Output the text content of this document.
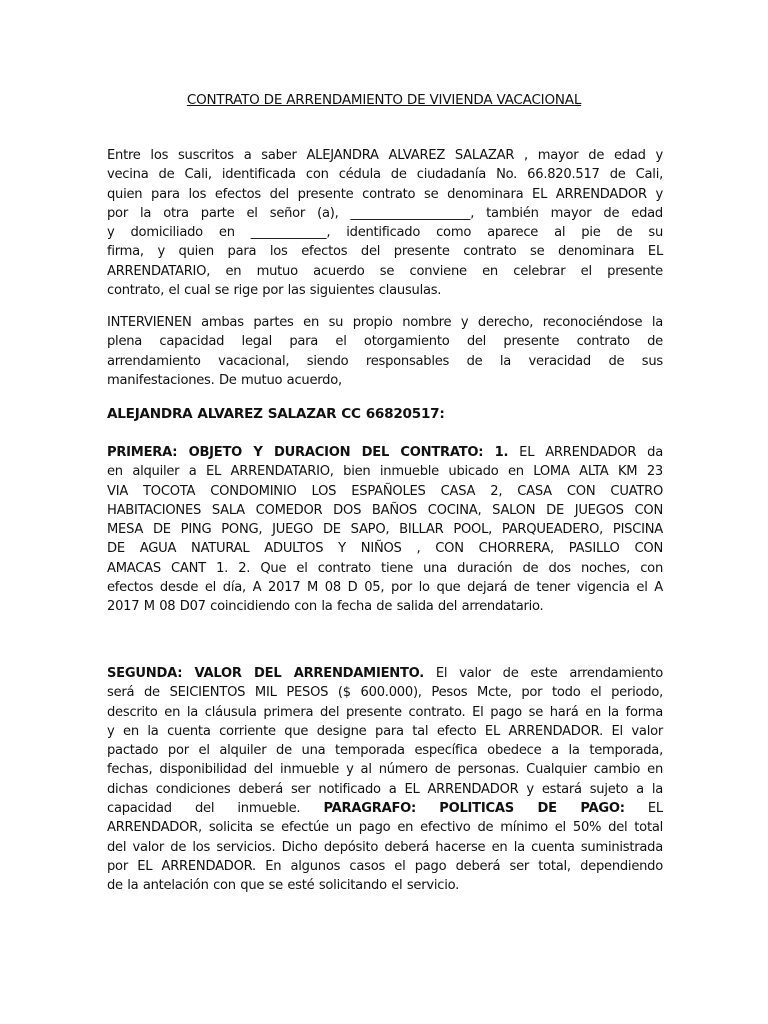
CONTRATO DE ARRENDAMIENTO DE VIVIENDA VACACIONAL
Entre los suscritos a saber ALEJANDRA ALVAREZ SALAZAR , mayor de edad y
vecina de Cali, identificada con cédula de ciudadanía No. 66.820.517 de Cali,
quien para los efectos del presente contrato se denominara EL ARRENDADOR y
por la otra parte el señor (a), ___________________, también mayor de edad
y domiciliado en ____________, identificado como aparece al pie de su
firma, y quien para los efectos del presente contrato se denominara EL
ARRENDATARIO, en mutuo acuerdo se conviene en celebrar el presente
contrato, el cual se rige por las siguientes clausulas.
INTERVIENEN ambas partes en su propio nombre y derecho, reconociéndose la
plena capacidad legal para el otorgamiento del presente contrato de
arrendamiento vacacional, siendo responsables de la veracidad de sus
manifestaciones. De mutuo acuerdo,
ALEJANDRA ALVAREZ SALAZAR CC 66820517:
PRIMERA: OBJETO Y DURACION DEL CONTRATO: 1. EL ARRENDADOR da
en alquiler a EL ARRENDATARIO, bien inmueble ubicado en LOMA ALTA KM 23
VIA TOCOTA CONDOMINIO LOS ESPAÑOLES CASA 2, CASA CON CUATRO
HABITACIONES SALA COMEDOR DOS BAÑOS COCINA, SALON DE JUEGOS CON
MESA DE PING PONG, JUEGO DE SAPO, BILLAR POOL, PARQUEADERO, PISCINA
DE AGUA NATURAL ADULTOS Y NIÑOS , CON CHORRERA, PASILLO CON
AMACAS CANT 1. 2. Que el contrato tiene una duración de dos noches, con
efectos desde el día, A 2017 M 08 D 05, por lo que dejará de tener vigencia el A
2017 M 08 D07 coincidiendo con la fecha de salida del arrendatario.
SEGUNDA: VALOR DEL ARRENDAMIENTO. El valor de este arrendamiento
será de SEICIENTOS MIL PESOS ($ 600.000), Pesos Mcte, por todo el periodo,
descrito en la cláusula primera del presente contrato. El pago se hará en la forma
y en la cuenta corriente que designe para tal efecto EL ARRENDADOR. El valor
pactado por el alquiler de una temporada específica obedece a la temporada,
fechas, disponibilidad del inmueble y al número de personas. Cualquier cambio en
dichas condiciones deberá ser notificado a EL ARRENDADOR y estará sujeto a la
capacidad del inmueble. PARAGRAFO: POLITICAS DE PAGO: EL
ARRENDADOR, solicita se efectúe un pago en efectivo de mínimo el 50% del total
del valor de los servicios. Dicho depósito deberá hacerse en la cuenta suministrada
por EL ARRENDADOR. En algunos casos el pago deberá ser total, dependiendo
de la antelación con que se esté solicitando el servicio.
